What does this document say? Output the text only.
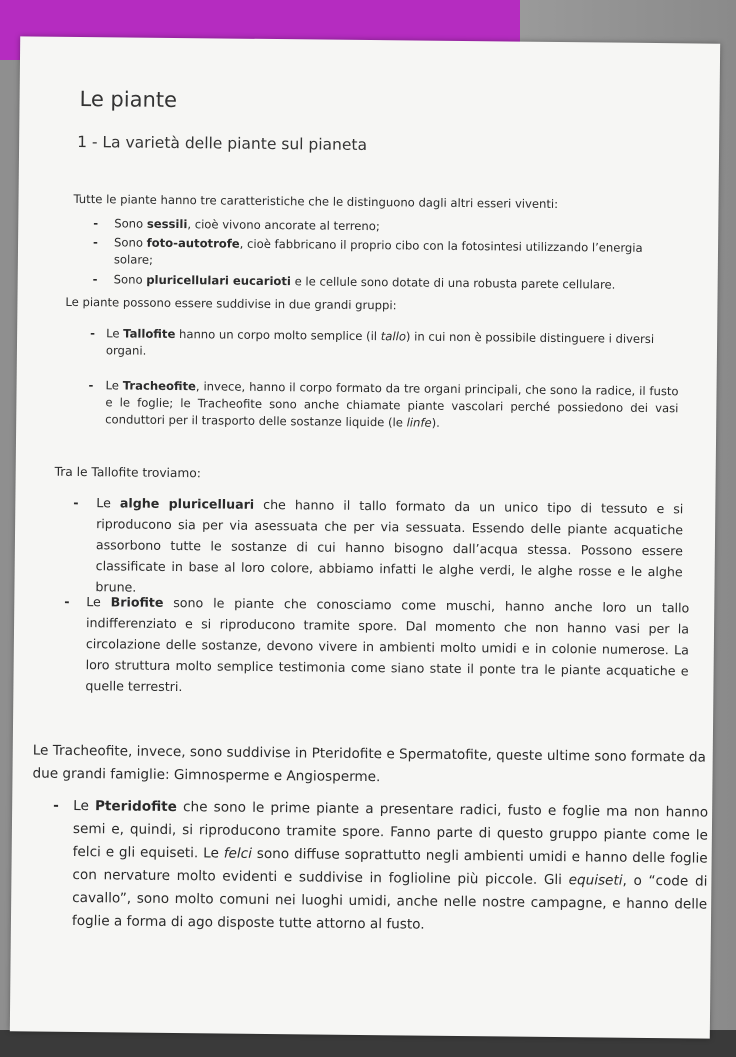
Le piante
1 - La varietà delle piante sul pianeta

Tutte le piante hanno tre caratteristiche che le distinguono dagli altri esseri viventi:

- Sono sessili, cioè vivono ancorate al terreno;
- Sono foto-autotrofe, cioè fabbricano il proprio cibo con la fotosintesi utilizzando l’energia solare;
- Sono pluricellulari eucarioti e le cellule sono dotate di una robusta parete cellulare.

Le piante possono essere suddivise in due grandi gruppi:

- Le Tallofite hanno un corpo molto semplice (il tallo) in cui non è possibile distinguere i diversi organi.
- Le Tracheofite, invece, hanno il corpo formato da tre organi principali, che sono la radice, il fusto e le foglie; le Tracheofite sono anche chiamate piante vascolari perché possiedono dei vasi conduttori per il trasporto delle sostanze liquide (le linfe).

Tra le Tallofite troviamo:

- Le alghe pluricelluari che hanno il tallo formato da un unico tipo di tessuto e si riproducono sia per via asessuata che per via sessuata. Essendo delle piante acquatiche assorbono tutte le sostanze di cui hanno bisogno dall’acqua stessa. Possono essere classificate in base al loro colore, abbiamo infatti le alghe verdi, le alghe rosse e le alghe brune.
- Le Briofite sono le piante che conosciamo come muschi, hanno anche loro un tallo indifferenziato e si riproducono tramite spore. Dal momento che non hanno vasi per la circolazione delle sostanze, devono vivere in ambienti molto umidi e in colonie numerose. La loro struttura molto semplice testimonia come siano state il ponte tra le piante acquatiche e quelle terrestri.

Le Tracheofite, invece, sono suddivise in Pteridofite e Spermatofite, queste ultime sono formate da due grandi famiglie: Gimnosperme e Angiosperme.

- Le Pteridofite che sono le prime piante a presentare radici, fusto e foglie ma non hanno semi e, quindi, si riproducono tramite spore. Fanno parte di questo gruppo piante come le felci e gli equiseti. Le felci sono diffuse soprattutto negli ambienti umidi e hanno delle foglie con nervature molto evidenti e suddivise in foglioline più piccole. Gli equiseti, o “code di cavallo”, sono molto comuni nei luoghi umidi, anche nelle nostre campagne, e hanno delle foglie a forma di ago disposte tutte attorno al fusto.
